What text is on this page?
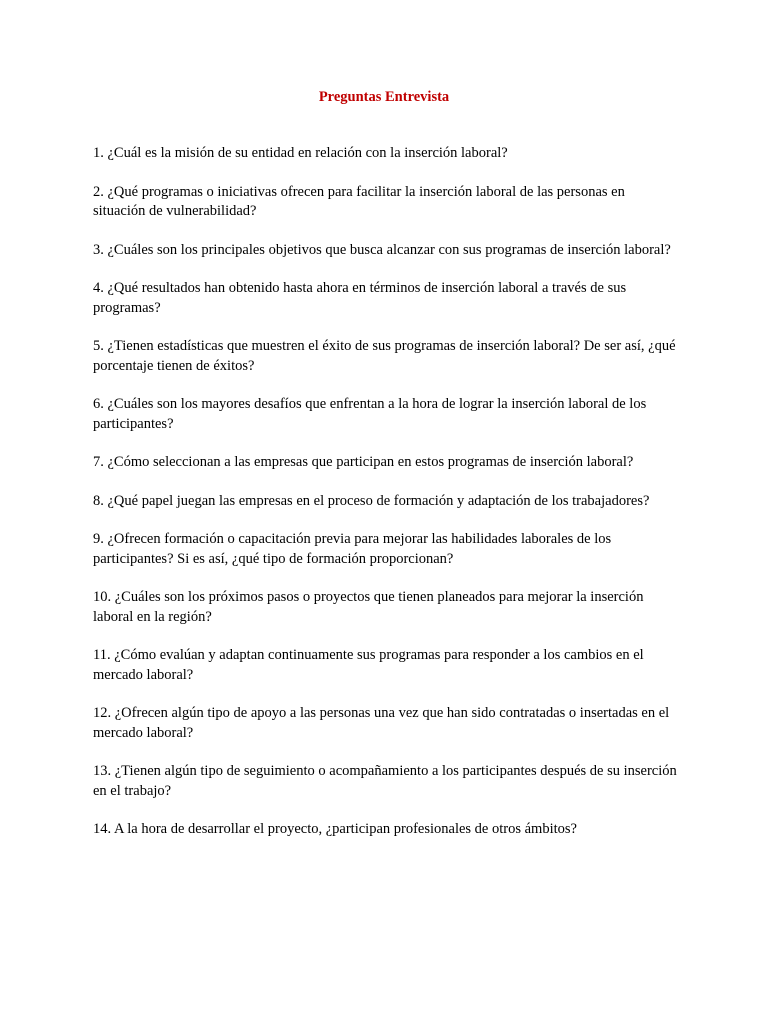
Preguntas Entrevista
1. ¿Cuál es la misión de su entidad en relación con la inserción laboral?
2. ¿Qué programas o iniciativas ofrecen para facilitar la inserción laboral de las personas en situación de vulnerabilidad?
3. ¿Cuáles son los principales objetivos que busca alcanzar con sus programas de inserción laboral?
4. ¿Qué resultados han obtenido hasta ahora en términos de inserción laboral a través de sus programas?
5. ¿Tienen estadísticas que muestren el éxito de sus programas de inserción laboral? De ser así, ¿qué porcentaje tienen de éxitos?
6. ¿Cuáles son los mayores desafíos que enfrentan a la hora de lograr la inserción laboral de los participantes?
7. ¿Cómo seleccionan a las empresas que participan en estos programas de inserción laboral?
8. ¿Qué papel juegan las empresas en el proceso de formación y adaptación de los trabajadores?
9. ¿Ofrecen formación o capacitación previa para mejorar las habilidades laborales de los participantes? Si es así, ¿qué tipo de formación proporcionan?
10. ¿Cuáles son los próximos pasos o proyectos que tienen planeados para mejorar la inserción laboral en la región?
11. ¿Cómo evalúan y adaptan continuamente sus programas para responder a los cambios en el mercado laboral?
12. ¿Ofrecen algún tipo de apoyo a las personas una vez que han sido contratadas o insertadas en el mercado laboral?
13. ¿Tienen algún tipo de seguimiento o acompañamiento a los participantes después de su inserción en el trabajo?
14. A la hora de desarrollar el proyecto, ¿participan profesionales de otros ámbitos?
